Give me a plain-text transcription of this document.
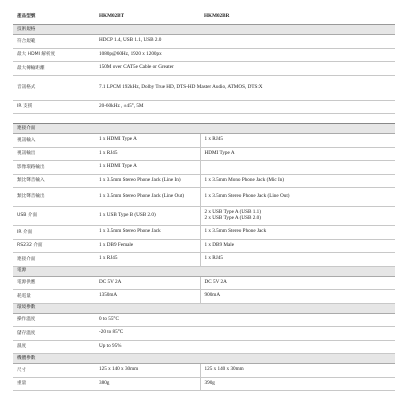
產品型號	HKM02BT	HKM02BR
技術規格		
符合規範	HDCP 1.4, USB 1.1, USB 2.0	
最大 HDMI 解析度	1080p@60Hz, 1920 x 1200px	
最大傳輸距離	150M over CAT5e Cable or Greater	
音訊格式	7.1 LPCM 192kHz, Dolby True HD, DTS-HD Master Audio, ATMOS, DTS:X	
IR 支援	20-60kHz , ±45°, 5M	

連接介面		
視訊輸入	1 x HDMI Type A	1 x RJ45
視訊輸出	1 x RJ45	HDMI Type A
影像環路輸出	1 x HDMI Type A	
類比聲音輸入	1 x 3.5mm Stereo Phone Jack (Line In)	1 x 3.5mm Mono Phone Jack (Mic In)
類比聲音輸出	1 x 3.5mm Stereo Phone Jack (Line Out)	1 x 3.5mm Stereo Phone Jack (Line Out)
USB 介面	1 x USB Type B (USB 2.0)	2 x USB Type A (USB 1.1)
2 x USB Type A (USB 2.0)

IR 介面	1 x 3.5mm Stereo Phone Jack	1 x 3.5mm Stereo Phone Jack
RS232 介面	1 x DB9 Female	1 x DB9 Male
連接介面	1 x RJ45	1 x RJ45
電源		
電源供應	DC 5V 2A	DC 5V 2A
耗電量	1350mA	900mA
環境參數		
操作溫度	0 to 55°C	
儲存溫度	-20 to 85°C	
濕度	Up to 95%	
機體參數		
尺寸	125 x 140 x 30mm	125 x 140 x 30mm
重量	380g	390g
